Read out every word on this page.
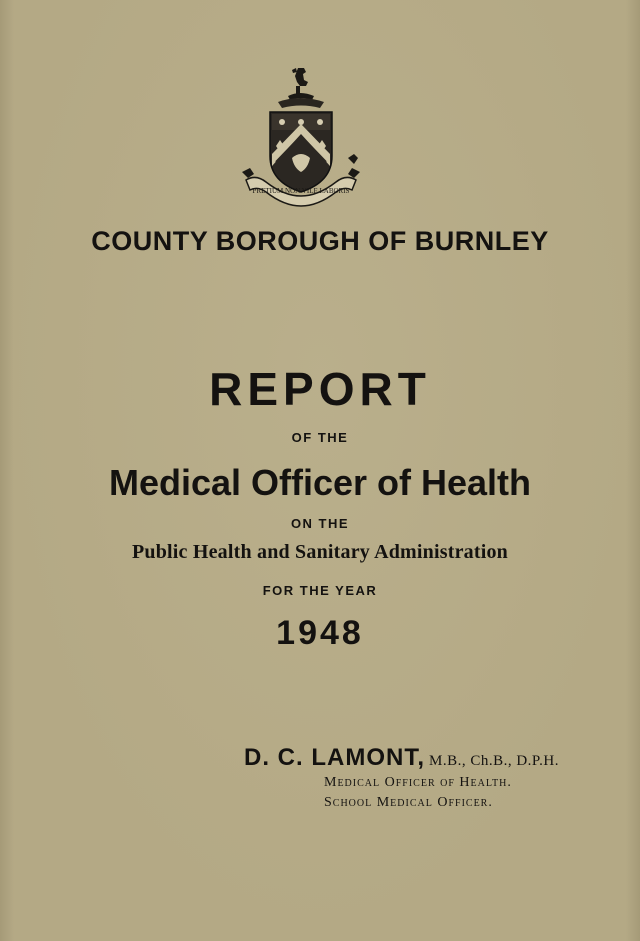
PRETIUM NON VILE LABORIS
COUNTY BOROUGH OF BURNLEY
REPORT
OF THE
Medical Officer of Health
ON THE
Public Health and Sanitary Administration
FOR THE YEAR
1948
D. C. LAMONT, M.B., Ch.B., D.P.H.
Medical Officer of Health.
School Medical Officer.
